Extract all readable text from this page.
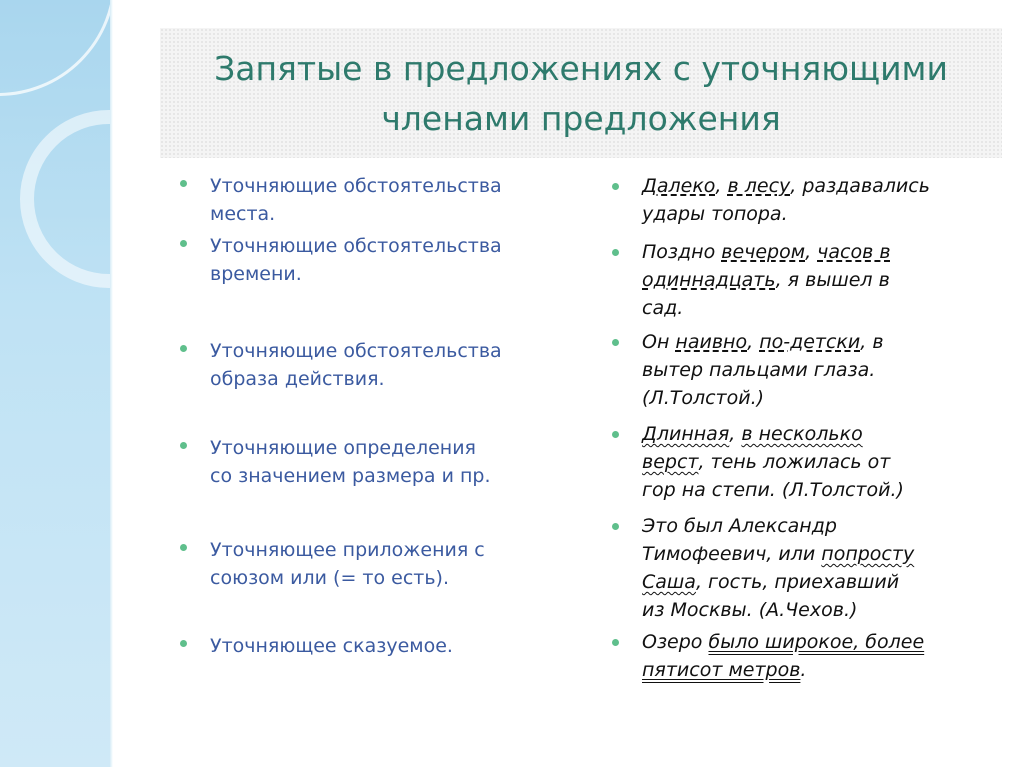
Запятые в предложениях с уточняющими
членами предложения
Уточняющие обстоятельства
места.
Уточняющие обстоятельства
времени.
Уточняющие обстоятельства
образа действия.
Уточняющие определения
со значением размера и пр.
Уточняющее приложения с
союзом или (= то есть).
Уточняющее сказуемое.
Далеко, в лесу, раздавались
удары топора.
Поздно вечером, часов в
одиннадцать, я вышел в
сад.
Он наивно, по-детски, в
вытер пальцами глаза.
(Л.Толстой.)
Длинная, в несколько
верст, тень ложилась от
гор на степи. (Л.Толстой.)
Это был Александр
Тимофеевич, или попросту
Саша, гость, приехавший
из Москвы. (А.Чехов.)
Озеро было широкое, более
пятисот метров.
